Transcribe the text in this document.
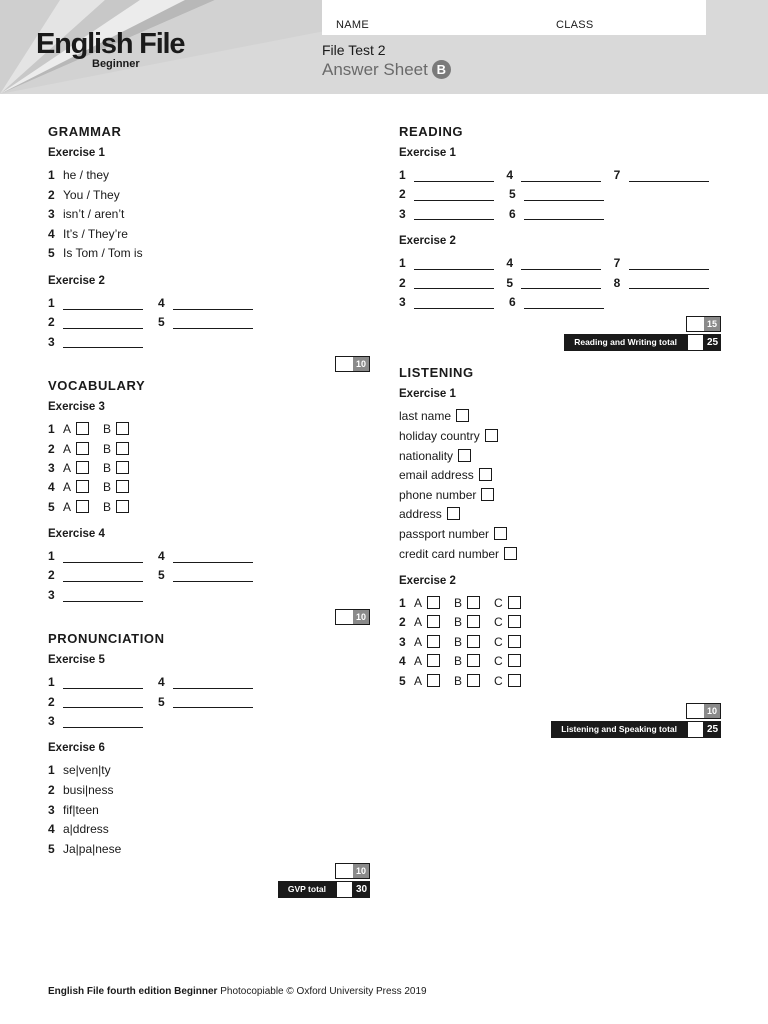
English File
Beginner
NAME	CLASS
File Test 2
Answer Sheet B
GRAMMAR
Exercise 1
1 he / they
2 You / They
3 isn’t / aren’t
4 It’s / They’re
5 Is Tom / Tom is
Exercise 2
1	4
2	5
3
10
VOCABULARY
Exercise 3
1 A	B
2 A	B
3 A	B
4 A	B
5 A	B
Exercise 4
1	4
2	5
3
10
PRONUNCIATION
Exercise 5
1	4
2	5
3
Exercise 6
1 se|ven|ty
2 busi|ness
3 fif|teen
4 a|ddress
5 Ja|pa|nese
10
GVP total	30
READING
Exercise 1
1	4	7
2	5
3	6
Exercise 2
1	4	7
2	5	8
3	6
15
Reading and Writing total	25
LISTENING
Exercise 1
last name
holiday country
nationality
email address
phone number
address
passport number
credit card number
Exercise 2
1 A	B	C
2 A	B	C
3 A	B	C
4 A	B	C
5 A	B	C
10
Listening and Speaking total	25
English File fourth edition Beginner Photocopiable © Oxford University Press 2019
